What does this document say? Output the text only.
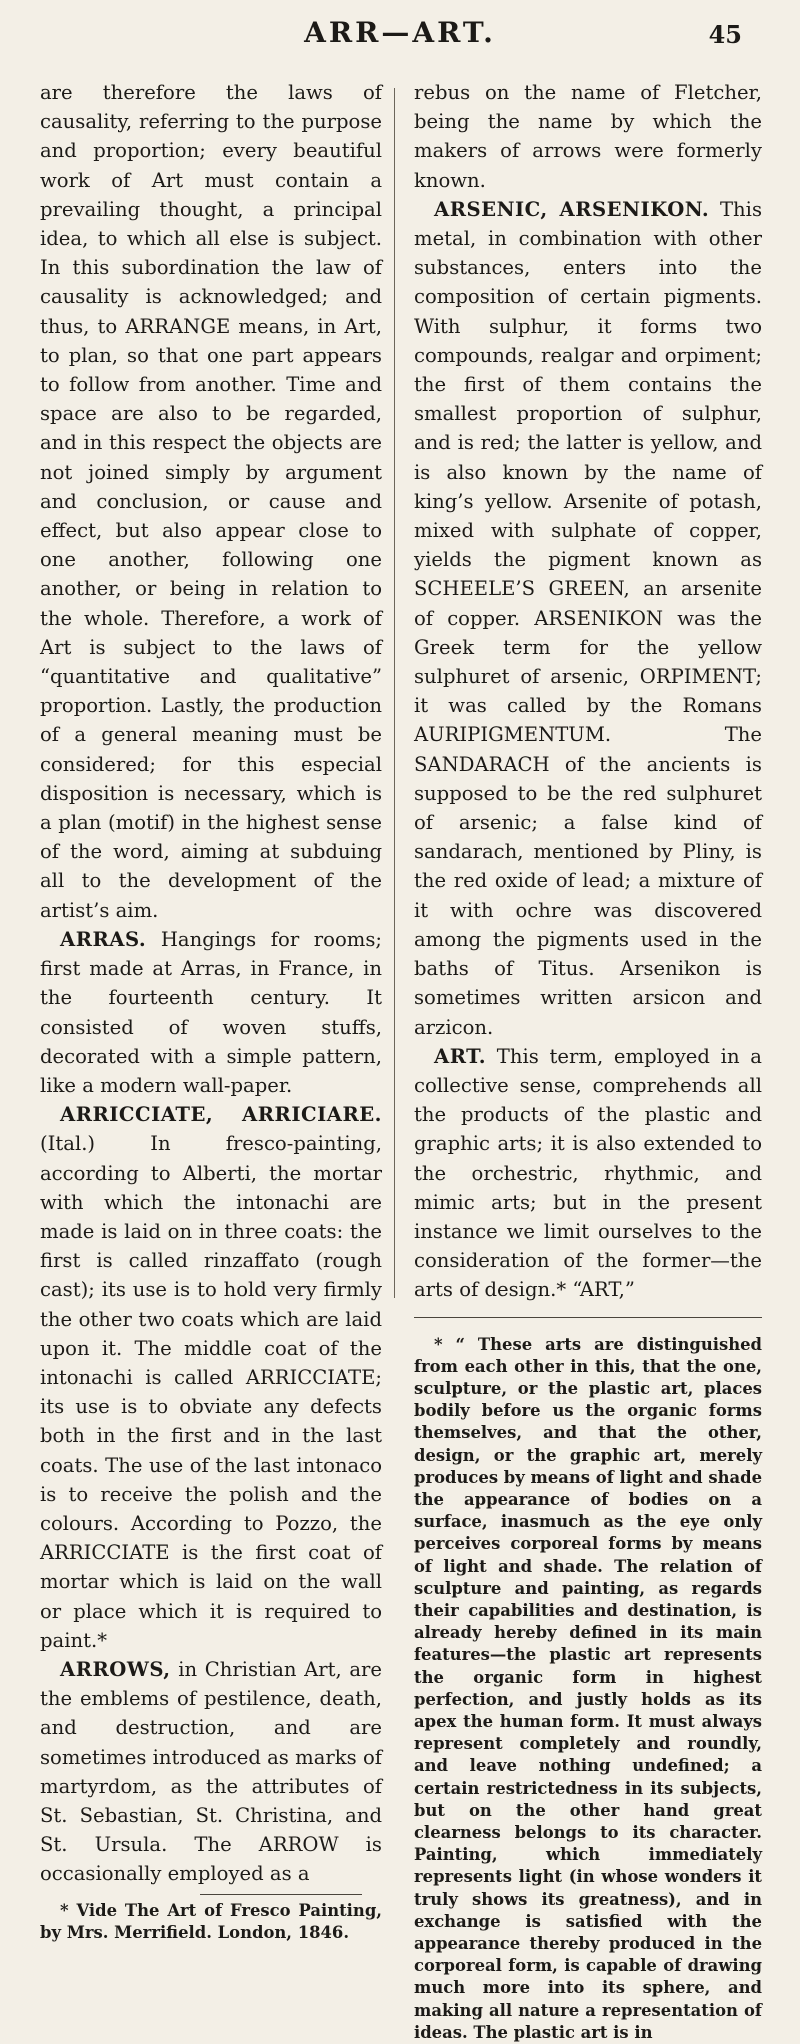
ARR—ART.	45

are therefore the laws of causality, referring to the purpose and proportion; every beautiful work of Art must contain a prevailing thought, a principal idea, to which all else is subject. In this subordination the law of causality is acknowledged; and thus, to ARRANGE means, in Art, to plan, so that one part appears to follow from another. Time and space are also to be regarded, and in this respect the objects are not joined simply by argument and conclusion, or cause and effect, but also appear close to one another, following one another, or being in relation to the whole. Therefore, a work of Art is subject to the laws of “quantitative and qualitative” proportion. Lastly, the production of a general meaning must be considered; for this especial disposition is necessary, which is a plan (motif) in the highest sense of the word, aiming at subduing all to the development of the artist’s aim.

ARRAS. Hangings for rooms; first made at Arras, in France, in the fourteenth century. It consisted of woven stuffs, decorated with a simple pattern, like a modern wall-paper.

ARRICCIATE, ARRICIARE. (Ital.) In fresco-painting, according to Alberti, the mortar with which the intonachi are made is laid on in three coats: the first is called rinzaffato (rough cast); its use is to hold very firmly the other two coats which are laid upon it. The middle coat of the intonachi is called ARRICCIATE; its use is to obviate any defects both in the first and in the last coats. The use of the last intonaco is to receive the polish and the colours. According to Pozzo, the ARRICCIATE is the first coat of mortar which is laid on the wall or place which it is required to paint.*

ARROWS, in Christian Art, are the emblems of pestilence, death, and destruction, and are sometimes introduced as marks of martyrdom, as the attributes of St. Sebastian, St. Christina, and St. Ursula. The ARROW is occasionally employed as a

* Vide The Art of Fresco Painting, by Mrs. Merrifield. London, 1846.

rebus on the name of Fletcher, being the name by which the makers of arrows were formerly known.

ARSENIC, ARSENIKON. This metal, in combination with other substances, enters into the composition of certain pigments. With sulphur, it forms two compounds, realgar and orpiment; the first of them contains the smallest proportion of sulphur, and is red; the latter is yellow, and is also known by the name of king’s yellow. Arsenite of potash, mixed with sulphate of copper, yields the pigment known as SCHEELE’S GREEN, an arsenite of copper. ARSENIKON was the Greek term for the yellow sulphuret of arsenic, ORPIMENT; it was called by the Romans AURIPIGMENTUM. The SANDARACH of the ancients is supposed to be the red sulphuret of arsenic; a false kind of sandarach, mentioned by Pliny, is the red oxide of lead; a mixture of it with ochre was discovered among the pigments used in the baths of Titus. Arsenikon is sometimes written arsicon and arzicon.

ART. This term, employed in a collective sense, comprehends all the products of the plastic and graphic arts; it is also extended to the orchestric, rhythmic, and mimic arts; but in the present instance we limit ourselves to the consideration of the former—the arts of design.* “ART,”

* “ These arts are distinguished from each other in this, that the one, sculpture, or the plastic art, places bodily before us the organic forms themselves, and that the other, design, or the graphic art, merely produces by means of light and shade the appearance of bodies on a surface, inasmuch as the eye only perceives corporeal forms by means of light and shade. The relation of sculpture and painting, as regards their capabilities and destination, is already hereby defined in its main features—the plastic art represents the organic form in highest perfection, and justly holds as its apex the human form. It must always represent completely and roundly, and leave nothing undefined; a certain restrictedness in its subjects, but on the other hand great clearness belongs to its character. Painting, which immediately represents light (in whose wonders it truly shows its greatness), and in exchange is satisfied with the appearance thereby produced in the corporeal form, is capable of drawing much more into its sphere, and making all nature a representation of ideas. The plastic art is in
